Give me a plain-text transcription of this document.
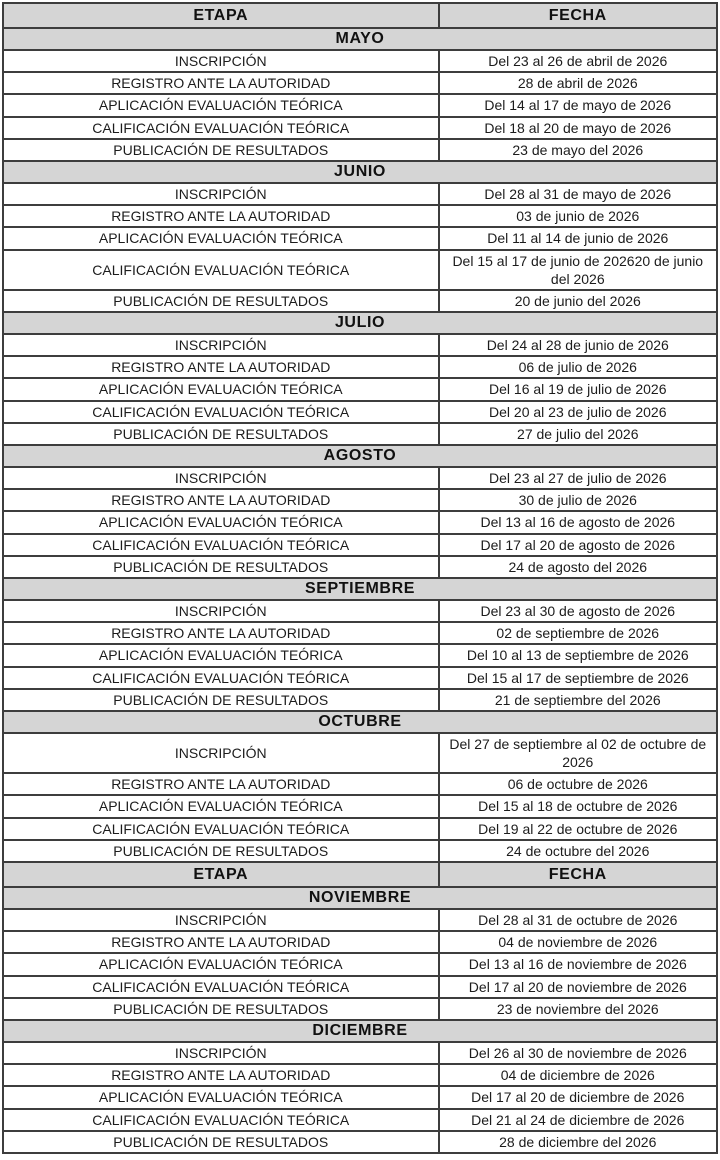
ETAPA	FECHA
MAYO	
INSCRIPCIÓN	Del 23 al 26 de abril de 2026
REGISTRO ANTE LA AUTORIDAD	28 de abril de 2026
APLICACIÓN EVALUACIÓN TEÓRICA	Del 14 al 17 de mayo de 2026
CALIFICACIÓN EVALUACIÓN TEÓRICA	Del 18 al 20 de mayo de 2026
PUBLICACIÓN DE RESULTADOS	23 de mayo del 2026
JUNIO	
INSCRIPCIÓN	Del 28 al 31 de mayo de 2026
REGISTRO ANTE LA AUTORIDAD	03 de junio de 2026
APLICACIÓN EVALUACIÓN TEÓRICA	Del 11 al 14 de junio de 2026
CALIFICACIÓN EVALUACIÓN TEÓRICA	Del 15 al 17 de junio de 202620 de junio del 2026
PUBLICACIÓN DE RESULTADOS	20 de junio del 2026
JULIO	
INSCRIPCIÓN	Del 24 al 28 de junio de 2026
REGISTRO ANTE LA AUTORIDAD	06 de julio de 2026
APLICACIÓN EVALUACIÓN TEÓRICA	Del 16 al 19 de julio de 2026
CALIFICACIÓN EVALUACIÓN TEÓRICA	Del 20 al 23 de julio de 2026
PUBLICACIÓN DE RESULTADOS	27 de julio del 2026
AGOSTO	
INSCRIPCIÓN	Del 23 al 27 de julio de 2026
REGISTRO ANTE LA AUTORIDAD	30 de julio de 2026
APLICACIÓN EVALUACIÓN TEÓRICA	Del 13 al 16 de agosto de 2026
CALIFICACIÓN EVALUACIÓN TEÓRICA	Del 17 al 20 de agosto de 2026
PUBLICACIÓN DE RESULTADOS	24 de agosto del 2026
SEPTIEMBRE	
INSCRIPCIÓN	Del 23 al 30 de agosto de 2026
REGISTRO ANTE LA AUTORIDAD	02 de septiembre de 2026
APLICACIÓN EVALUACIÓN TEÓRICA	Del 10 al 13 de septiembre de 2026
CALIFICACIÓN EVALUACIÓN TEÓRICA	Del 15 al 17 de septiembre de 2026
PUBLICACIÓN DE RESULTADOS	21 de septiembre del 2026
OCTUBRE	
INSCRIPCIÓN	Del 27 de septiembre al 02 de octubre de 2026
REGISTRO ANTE LA AUTORIDAD	06 de octubre de 2026
APLICACIÓN EVALUACIÓN TEÓRICA	Del 15 al 18 de octubre de 2026
CALIFICACIÓN EVALUACIÓN TEÓRICA	Del 19 al 22 de octubre de 2026
PUBLICACIÓN DE RESULTADOS	24 de octubre del 2026
ETAPA	FECHA
NOVIEMBRE	
INSCRIPCIÓN	Del 28 al 31 de octubre de 2026
REGISTRO ANTE LA AUTORIDAD	04 de noviembre de 2026
APLICACIÓN EVALUACIÓN TEÓRICA	Del 13 al 16 de noviembre de 2026
CALIFICACIÓN EVALUACIÓN TEÓRICA	Del 17 al 20 de noviembre de 2026
PUBLICACIÓN DE RESULTADOS	23 de noviembre del 2026
DICIEMBRE	
INSCRIPCIÓN	Del 26 al 30 de noviembre de 2026
REGISTRO ANTE LA AUTORIDAD	04 de diciembre de 2026
APLICACIÓN EVALUACIÓN TEÓRICA	Del 17 al 20 de diciembre de 2026
CALIFICACIÓN EVALUACIÓN TEÓRICA	Del 21 al 24 de diciembre de 2026
PUBLICACIÓN DE RESULTADOS	28 de diciembre del 2026
